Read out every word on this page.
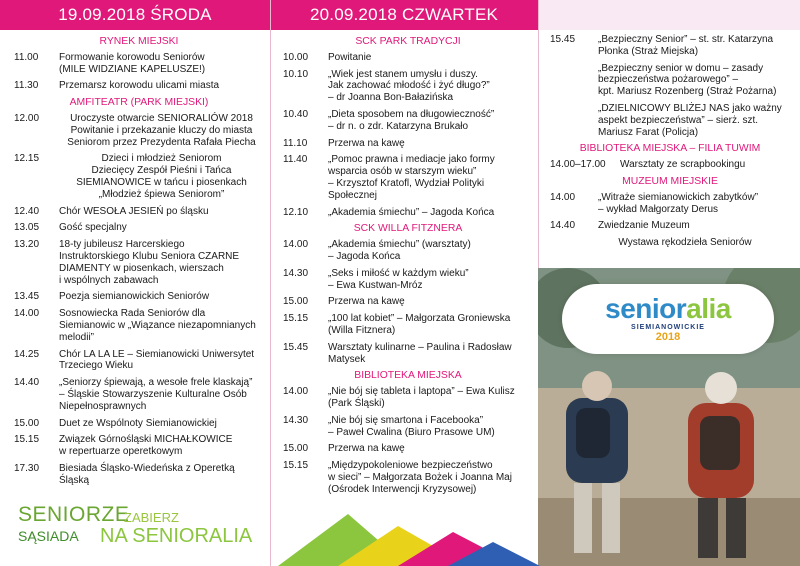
19.09.2018 ŚRODA	20.09.2018 CZWARTEK
RYNEK MIEJSKI
11.00	Formowanie korowodu Seniorów
(MILE WIDZIANE KAPELUSZE!)
11.30	Przemarsz korowodu ulicami miasta
AMFITEATR (PARK MIEJSKI)
12.00	Uroczyste otwarcie SENIORALIÓW 2018
Powitanie i przekazanie kluczy do miasta
Seniorom przez Prezydenta Rafała Piecha
12.15	Dzieci i młodzież Seniorom
Dziecięcy Zespół Pieśni i Tańca
SIEMIANOWICE w tańcu i piosenkach
„Młodzież śpiewa Seniorom”
12.40	Chór WESOŁA JESIEŃ po śląsku
13.05	Gość specjalny
13.20	18-ty jubileusz Harcerskiego
Instruktorskiego Klubu Seniora CZARNE
DIAMENTY w piosenkach, wierszach
i wspólnych zabawach
13.45	Poezja siemianowickich Seniorów
14.00	Sosnowiecka Rada Seniorów dla
Siemianowic w „Wiązance niezapomnianych
melodii”
14.25	Chór LA LA LE – Siemianowicki Uniwersytet
Trzeciego Wieku
14.40	„Seniorzy śpiewają, a wesołe frele klaskają”
– Śląskie Stowarzyszenie Kulturalne Osób
Niepełnosprawnych
15.00	Duet ze Wspólnoty Siemianowickiej
15.15	Związek Górnośląski MICHAŁKOWICE
w repertuarze operetkowym
17.30	Biesiada Śląsko-Wiedeńska z Operetką
Śląską
SCK PARK TRADYCJI
10.00	Powitanie
10.10	„Wiek jest stanem umysłu i duszy.
Jak zachować młodość i żyć długo?”
– dr Joanna Bon-Bałazińska
10.40	„Dieta sposobem na długowieczność”
– dr n. o zdr. Katarzyna Brukało
11.10	Przerwa na kawę
11.40	„Pomoc prawna i mediacje jako formy
wsparcia osób w starszym wieku”
– Krzysztof Kratofl, Wydział Polityki
Społecznej
12.10	„Akademia śmiechu” – Jagoda Końca
SCK WILLA FITZNERA
14.00	„Akademia śmiechu” (warsztaty)
– Jagoda Końca
14.30	„Seks i miłość w każdym wieku”
– Ewa Kustwan-Mróz
15.00	Przerwa na kawę
15.15	„100 lat kobiet” – Małgorzata Groniewska
(Willa Fitznera)
15.45	Warsztaty kulinarne – Paulina i Radosław
Matysek
BIBLIOTEKA MIEJSKA
14.00	„Nie bój się tableta i laptopa” – Ewa Kulisz
(Park Śląski)
14.30	„Nie bój się smartona i Facebooka”
– Paweł Cwalina (Biuro Prasowe UM)
15.00	Przerwa na kawę
15.15	„Międzypokoleniowe bezpieczeństwo
w sieci” – Małgorzata Bożek i Joanna Maj
(Ośrodek Interwencji Kryzysowej)
15.45	„Bezpieczny Senior” – st. str. Katarzyna
Płonka (Straż Miejska)
„Bezpieczny senior w domu – zasady
bezpieczeństwa pożarowego” –
kpt. Mariusz Rozenberg (Straż Pożarna)
„DZIELNICOWY BLIŻEJ NAS jako ważny
aspekt bezpieczeństwa” – sierż. szt.
Mariusz Farat (Policja)
BIBLIOTEKA MIEJSKA – FILIA TUWIM
14.00–17.00	Warsztaty ze scrapbookingu
MUZEUM MIEJSKIE
14.00	„Witraże siemianowickich zabytków”
– wykład Małgorzaty Derus
14.40	Zwiedzanie Muzeum
Wystawa rękodzieła Seniorów
senioralia
SIEMIANOWICKIE
2018
SENIORZE
ZABIERZ
SĄSIADA NA SENIORALIA
